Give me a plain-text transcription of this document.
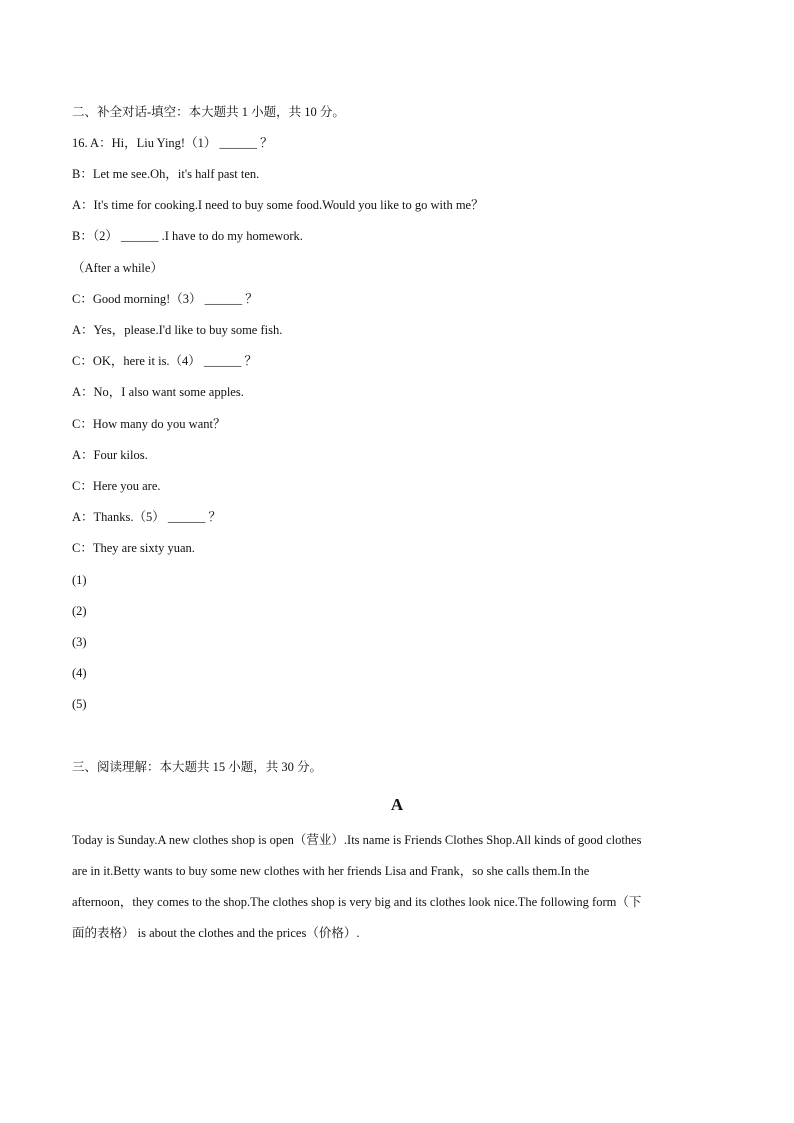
二、补全对话-填空：本大题共 1 小题，共 10 分。
16. A：Hi，Liu Ying!（1） ______ ？
B：Let me see.Oh，it's half past ten.
A：It's time for cooking.I need to buy some food.Would you like to go with me？
B：（2） ______ .I have to do my homework.
（After a while）
C：Good morning!（3） ______ ？
A：Yes，please.I'd like to buy some fish.
C：OK，here it is.（4） ______ ？
A：No，I also want some apples.
C：How many do you want？
A：Four kilos.
C：Here you are.
A：Thanks.（5） ______ ？
C：They are sixty yuan.
(1)
(2)
(3)
(4)
(5)
三、阅读理解：本大题共 15 小题，共 30 分。
A
Today is Sunday.A new clothes shop is open（营业）.Its name is Friends Clothes Shop.All kinds of good clothes
are in it.Betty wants to buy some new clothes with her friends Lisa and Frank，so she calls them.In the
afternoon，they comes to the shop.The clothes shop is very big and its clothes look nice.The following form（下
面的表格） is about the clothes and the prices（价格）.
